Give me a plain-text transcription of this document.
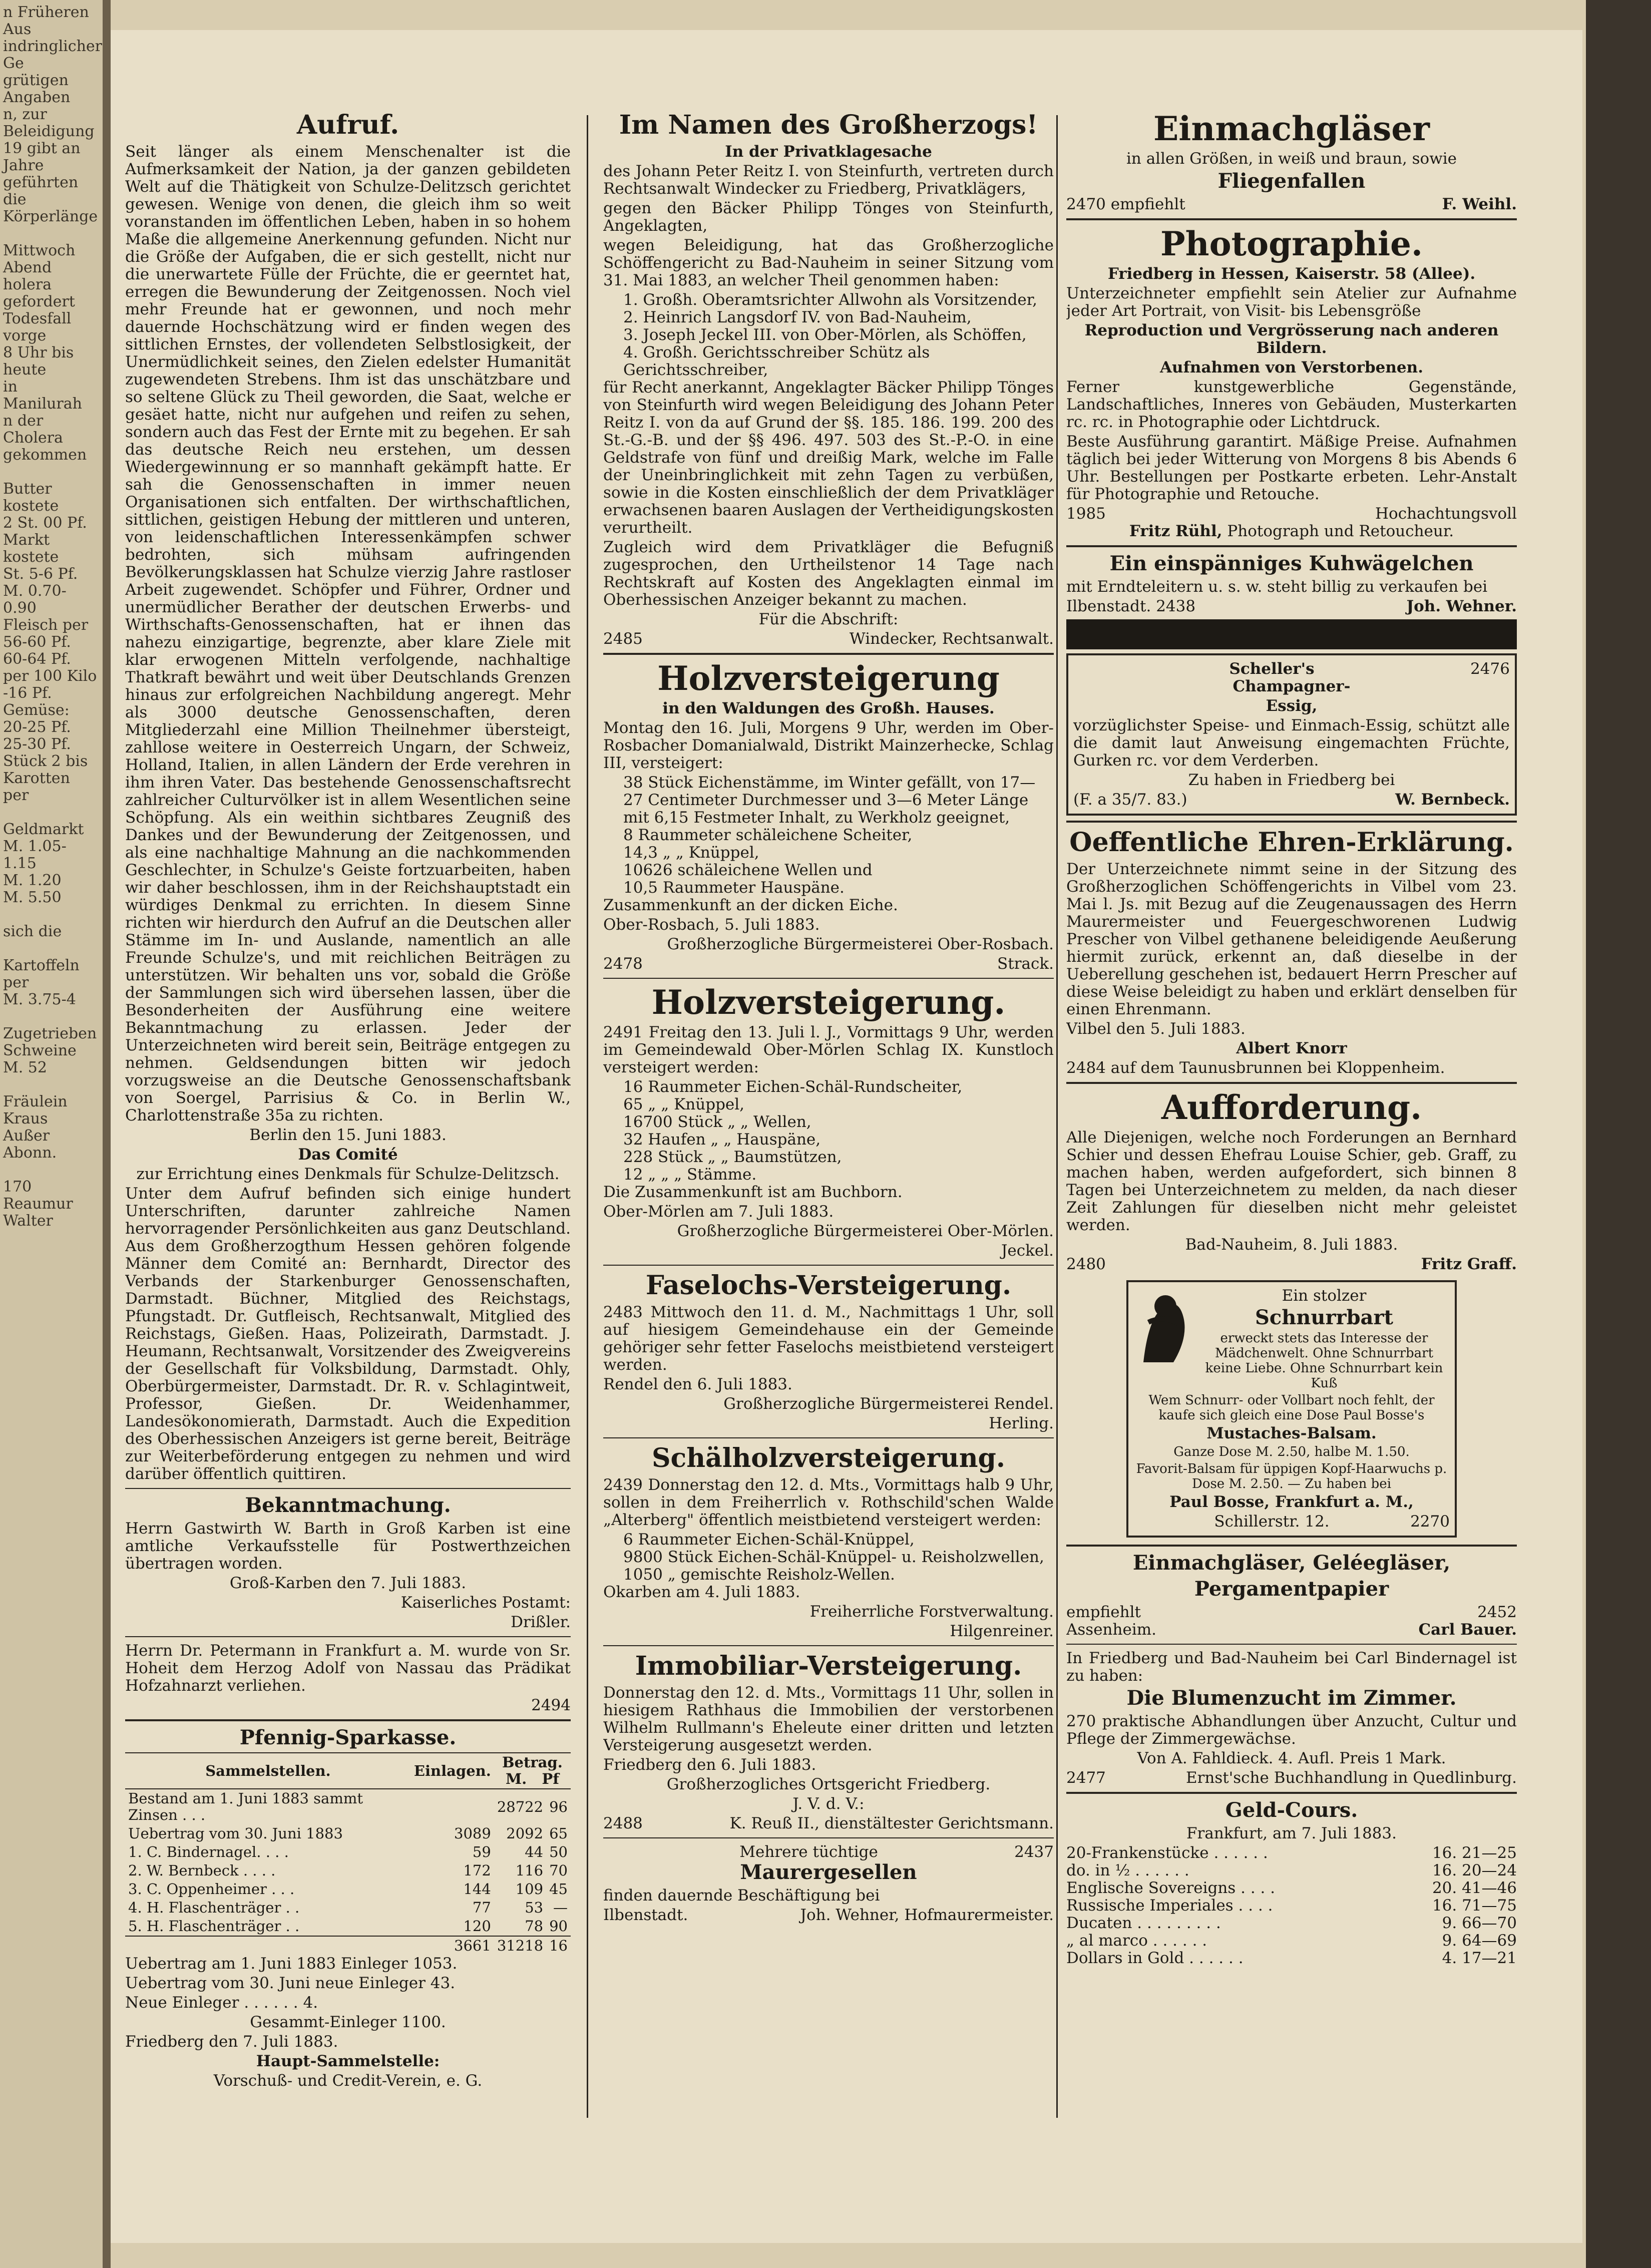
n Früheren Aus
indringlicher Ge
grütigen Angaben
n, zur Beleidigung
19 gibt an
Jahre geführten
die Körperlänge

Mittwoch Abend
holera gefordert
Todesfall vorge
8 Uhr bis heute
in Manilurah
n der Cholera
gekommen

Butter kostete
2 St. 00 Pf.
Markt kostete
St. 5-6 Pf.
M. 0.70-0.90
Fleisch per
56-60 Pf.
60-64 Pf.
per 100 Kilo
-16 Pf.
Gemüse:
20-25 Pf.
25-30 Pf.
Stück 2 bis
Karotten per

Geldmarkt
M. 1.05-1.15
M. 1.20
M. 5.50

sich die

Kartoffeln per
M. 3.75-4

Zugetrieben
Schweine M. 52

Fräulein Kraus
Außer Abonn.

170 Reaumur
Walter
Aufruf.

Seit länger als einem Menschenalter ist die Aufmerksamkeit der Nation, ja der ganzen gebildeten Welt auf die Thätigkeit von Schulze-Delitzsch gerichtet gewesen. Wenige von denen, die gleich ihm so weit voranstanden im öffentlichen Leben, haben in so hohem Maße die allgemeine Anerkennung gefunden. Nicht nur die Größe der Aufgaben, die er sich gestellt, nicht nur die unerwartete Fülle der Früchte, die er geerntet hat, erregen die Bewunderung der Zeitgenossen. Noch viel mehr Freunde hat er gewonnen, und noch mehr dauernde Hochschätzung wird er finden wegen des sittlichen Ernstes, der vollendeten Selbstlosigkeit, der Unermüdlichkeit seines, den Zielen edelster Humanität zugewendeten Strebens. Ihm ist das unschätzbare und so seltene Glück zu Theil geworden, die Saat, welche er gesäet hatte, nicht nur aufgehen und reifen zu sehen, sondern auch das Fest der Ernte mit zu begehen. Er sah das deutsche Reich neu erstehen, um dessen Wiedergewinnung er so mannhaft gekämpft hatte. Er sah die Genossenschaften in immer neuen Organisationen sich entfalten. Der wirthschaftlichen, sittlichen, geistigen Hebung der mittleren und unteren, von leidenschaftlichen Interessenkämpfen schwer bedrohten, sich mühsam aufringenden Bevölkerungsklassen hat Schulze vierzig Jahre rastloser Arbeit zugewendet. Schöpfer und Führer, Ordner und unermüdlicher Berather der deutschen Erwerbs- und Wirthschafts-Genossenschaften, hat er ihnen das nahezu einzigartige, begrenzte, aber klare Ziele mit klar erwogenen Mitteln verfolgende, nachhaltige Thatkraft bewährt und weit über Deutschlands Grenzen hinaus zur erfolgreichen Nachbildung angeregt. Mehr als 3000 deutsche Genossenschaften, deren Mitgliederzahl eine Million Theilnehmer übersteigt, zahllose weitere in Oesterreich Ungarn, der Schweiz, Holland, Italien, in allen Ländern der Erde verehren in ihm ihren Vater. Das bestehende Genossenschaftsrecht zahlreicher Culturvölker ist in allem Wesentlichen seine Schöpfung. Als ein weithin sichtbares Zeugniß des Dankes und der Bewunderung der Zeitgenossen, und als eine nachhaltige Mahnung an die nachkommenden Geschlechter, in Schulze's Geiste fortzuarbeiten, haben wir daher beschlossen, ihm in der Reichshauptstadt ein würdiges Denkmal zu errichten. In diesem Sinne richten wir hierdurch den Aufruf an die Deutschen aller Stämme im In- und Auslande, namentlich an alle Freunde Schulze's, und mit reichlichen Beiträgen zu unterstützen. Wir behalten uns vor, sobald die Größe der Sammlungen sich wird übersehen lassen, über die Besonderheiten der Ausführung eine weitere Bekanntmachung zu erlassen. Jeder der Unterzeichneten wird bereit sein, Beiträge entgegen zu nehmen. Geldsendungen bitten wir jedoch vorzugsweise an die Deutsche Genossenschaftsbank von Soergel, Parrisius & Co. in Berlin W., Charlottenstraße 35a zu richten.

Berlin den 15. Juni 1883.

Das Comité

zur Errichtung eines Denkmals für Schulze-Delitzsch.

Unter dem Aufruf befinden sich einige hundert Unterschriften, darunter zahlreiche Namen hervorragender Persönlichkeiten aus ganz Deutschland. Aus dem Großherzogthum Hessen gehören folgende Männer dem Comité an: Bernhardt, Director des Verbands der Starkenburger Genossenschaften, Darmstadt. Büchner, Mitglied des Reichstags, Pfungstadt. Dr. Gutfleisch, Rechtsanwalt, Mitglied des Reichstags, Gießen. Haas, Polizeirath, Darmstadt. J. Heumann, Rechtsanwalt, Vorsitzender des Zweigvereins der Gesellschaft für Volksbildung, Darmstadt. Ohly, Oberbürgermeister, Darmstadt. Dr. R. v. Schlagintweit, Professor, Gießen. Dr. Weidenhammer, Landesökonomierath, Darmstadt. Auch die Expedition des Oberhessischen Anzeigers ist gerne bereit, Beiträge zur Weiterbeförderung entgegen zu nehmen und wird darüber öffentlich quittiren.

Bekanntmachung.

Herrn Gastwirth W. Barth in Groß Karben ist eine amtliche Verkaufsstelle für Postwerthzeichen übertragen worden.

Groß-Karben den 7. Juli 1883.

Kaiserliches Postamt:

Drißler.

Herrn Dr. Petermann in Frankfurt a. M. wurde von Sr. Hoheit dem Herzog Adolf von Nassau das Prädikat Hofzahnarzt verliehen.

2494

Pfennig-Sparkasse.
Sammelstellen.	Einlagen.	Betrag.
M. Pf	
Bestand am 1. Juni 1883 sammt Zinsen . . .		28722	96
Uebertrag vom 30. Juni 1883	3089	2092	65
1. C. Bindernagel. . . .	59	44	50
2. W. Bernbeck . . . .	172	116	70
3. C. Oppenheimer . . .	144	109	45
4. H. Flaschenträger . .	77	53	—
5. H. Flaschenträger . .	120	78	90
	3661	31218	16

Uebertrag am 1. Juni 1883 Einleger 1053.

Uebertrag vom 30. Juni neue Einleger 43.

Neue Einleger . . . . . . 4.

Gesammt-Einleger 1100.

Friedberg den 7. Juli 1883.

Haupt-Sammelstelle:

Vorschuß- und Credit-Verein, e. G.

Im Namen des Großherzogs!

In der Privatklagesache

des Johann Peter Reitz I. von Steinfurth, vertreten durch Rechtsanwalt Windecker zu Friedberg, Privatklägers,

gegen den Bäcker Philipp Tönges von Steinfurth, Angeklagten,

wegen Beleidigung, hat das Großherzogliche Schöffengericht zu Bad-Nauheim in seiner Sitzung vom 31. Mai 1883, an welcher Theil genommen haben:

1. Großh. Oberamtsrichter Allwohn als Vorsitzender,
2. Heinrich Langsdorf IV. von Bad-Nauheim,
3. Joseph Jeckel III. von Ober-Mörlen, als Schöffen,
4. Großh. Gerichtsschreiber Schütz als Gerichtsschreiber,

für Recht anerkannt, Angeklagter Bäcker Philipp Tönges von Steinfurth wird wegen Beleidigung des Johann Peter Reitz I. von da auf Grund der §§. 185. 186. 199. 200 des St.-G.-B. und der §§ 496. 497. 503 des St.-P.-O. in eine Geldstrafe von fünf und dreißig Mark, welche im Falle der Uneinbringlichkeit mit zehn Tagen zu verbüßen, sowie in die Kosten einschließlich der dem Privatkläger erwachsenen baaren Auslagen der Vertheidigungskosten verurtheilt.

Zugleich wird dem Privatkläger die Befugniß zugesprochen, den Urtheilstenor 14 Tage nach Rechtskraft auf Kosten des Angeklagten einmal im Oberhessischen Anzeiger bekannt zu machen.

Für die Abschrift:

2485	Windecker, Rechtsanwalt.
Holzversteigerung

in den Waldungen des Großh. Hauses.

Montag den 16. Juli, Morgens 9 Uhr, werden im Ober-Rosbacher Domanialwald, Distrikt Mainzerhecke, Schlag III, versteigert:

38 Stück Eichenstämme, im Winter gefällt, von 17—27 Centimeter Durchmesser und 3—6 Meter Länge mit 6,15 Festmeter Inhalt, zu Werkholz geeignet,
8 Raummeter schäleichene Scheiter,
14,3 „ „ Knüppel,
10626 schäleichene Wellen und
10,5 Raummeter Hauspäne.

Zusammenkunft an der dicken Eiche.

Ober-Rosbach, 5. Juli 1883.

Großherzogliche Bürgermeisterei Ober-Rosbach.

2478	Strack.
Holzversteigerung.

2491 Freitag den 13. Juli l. J., Vormittags 9 Uhr, werden im Gemeindewald Ober-Mörlen Schlag IX. Kunstloch versteigert werden:

16 Raummeter Eichen-Schäl-Rundscheiter,
65 „ „ Knüppel,
16700 Stück „ „ Wellen,
32 Haufen „ „ Hauspäne,
228 Stück „ „ Baumstützen,
12 „ „ „ Stämme.

Die Zusammenkunft ist am Buchborn.

Ober-Mörlen am 7. Juli 1883.

Großherzogliche Bürgermeisterei Ober-Mörlen.

Jeckel.

Faselochs-Versteigerung.

2483 Mittwoch den 11. d. M., Nachmittags 1 Uhr, soll auf hiesigem Gemeindehause ein der Gemeinde gehöriger sehr fetter Faselochs meistbietend versteigert werden.

Rendel den 6. Juli 1883.

Großherzogliche Bürgermeisterei Rendel.

Herling.

Schälholzversteigerung.

2439 Donnerstag den 12. d. Mts., Vormittags halb 9 Uhr, sollen in dem Freiherrlich v. Rothschild'schen Walde „Alterberg" öffentlich meistbietend versteigert werden:

6 Raummeter Eichen-Schäl-Knüppel,
9800 Stück Eichen-Schäl-Knüppel- u. Reisholzwellen,
1050 „ gemischte Reisholz-Wellen.

Okarben am 4. Juli 1883.

Freiherrliche Forstverwaltung.

Hilgenreiner.

Immobiliar-Versteigerung.

Donnerstag den 12. d. Mts., Vormittags 11 Uhr, sollen in hiesigem Rathhaus die Immobilien der verstorbenen Wilhelm Rullmann's Eheleute einer dritten und letzten Versteigerung ausgesetzt werden.

Friedberg den 6. Juli 1883.

Großherzogliches Ortsgericht Friedberg.

J. V. d. V.:

2488	K. Reuß II., dienstältester Gerichtsmann.
Mehrere tüchtige	2437
Maurergesellen

finden dauernde Beschäftigung bei

Ilbenstadt.	Joh. Wehner, Hofmaurermeister.
Einmachgläser

in allen Größen, in weiß und braun, sowie

Fliegenfallen
2470 empfiehlt	F. Weihl.
Photographie.

Friedberg in Hessen, Kaiserstr. 58 (Allee).

Unterzeichneter empfiehlt sein Atelier zur Aufnahme jeder Art Portrait, von Visit- bis Lebensgröße

Reproduction und Vergrösserung nach anderen Bildern.

Aufnahmen von Verstorbenen.

Ferner kunstgewerbliche Gegenstände, Landschaftliches, Inneres von Gebäuden, Musterkarten rc. rc. in Photographie oder Lichtdruck.

Beste Ausführung garantirt. Mäßige Preise. Aufnahmen täglich bei jeder Witterung von Morgens 8 bis Abends 6 Uhr. Bestellungen per Postkarte erbeten. Lehr-Anstalt für Photographie und Retouche.

1985	Hochachtungsvoll

Fritz Rühl, Photograph und Retoucheur.

Ein einspänniges Kuhwägelchen

mit Erndteleitern u. s. w. steht billig zu verkaufen bei

Ilbenstadt. 2438	Joh. Wehner.
Scheller's	2476

Champagner-

Essig,

vorzüglichster Speise- und Einmach-Essig, schützt alle die damit laut Anweisung eingemachten Früchte, Gurken rc. vor dem Verderben.

Zu haben in Friedberg bei

(F. a 35/7. 83.)	W. Bernbeck.
Oeffentliche Ehren-Erklärung.

Der Unterzeichnete nimmt seine in der Sitzung des Großherzoglichen Schöffengerichts in Vilbel vom 23. Mai l. Js. mit Bezug auf die Zeugenaussagen des Herrn Maurermeister und Feuergeschworenen Ludwig Prescher von Vilbel gethanene beleidigende Aeußerung hiermit zurück, erkennt an, daß dieselbe in der Ueberellung geschehen ist, bedauert Herrn Prescher auf diese Weise beleidigt zu haben und erklärt denselben für einen Ehrenmann.

Vilbel den 5. Juli 1883.

Albert Knorr

2484 auf dem Taunusbrunnen bei Kloppenheim.

Aufforderung.

Alle Diejenigen, welche noch Forderungen an Bernhard Schier und dessen Ehefrau Louise Schier, geb. Graff, zu machen haben, werden aufgefordert, sich binnen 8 Tagen bei Unterzeichnetem zu melden, da nach dieser Zeit Zahlungen für dieselben nicht mehr geleistet werden.

Bad-Nauheim, 8. Juli 1883.

2480	Fritz Graff.

Ein stolzer

Schnurrbart

erweckt stets das Interesse der Mädchenwelt. Ohne Schnurrbart keine Liebe. Ohne Schnurrbart kein Kuß

Wem Schnurr- oder Vollbart noch fehlt, der kaufe sich gleich eine Dose Paul Bosse's

Mustaches-Balsam.

Ganze Dose M. 2.50, halbe M. 1.50.

Favorit-Balsam für üppigen Kopf-Haarwuchs p. Dose M. 2.50. — Zu haben bei

Paul Bosse, Frankfurt a. M.,

Schillerstr. 12.	2270
Einmachgläser, Geléegläser,
Pergamentpapier
empfiehlt	2452
Assenheim.	Carl Bauer.

In Friedberg und Bad-Nauheim bei Carl Bindernagel ist zu haben:

Die Blumenzucht im Zimmer.

270 praktische Abhandlungen über Anzucht, Cultur und Pflege der Zimmergewächse.

Von A. Fahldieck. 4. Aufl. Preis 1 Mark.

2477	Ernst'sche Buchhandlung in Quedlinburg.
Geld-Cours.

Frankfurt, am 7. Juli 1883.

20-Frankenstücke . . . . . .	16. 21—25
do. in ½ . . . . . .	16. 20—24
Englische Sovereigns . . . .	20. 41—46
Russische Imperiales . . . .	16. 71—75
Ducaten . . . . . . . . .	9. 66—70
„ al marco . . . . . .	9. 64—69
Dollars in Gold . . . . . .	4. 17—21
